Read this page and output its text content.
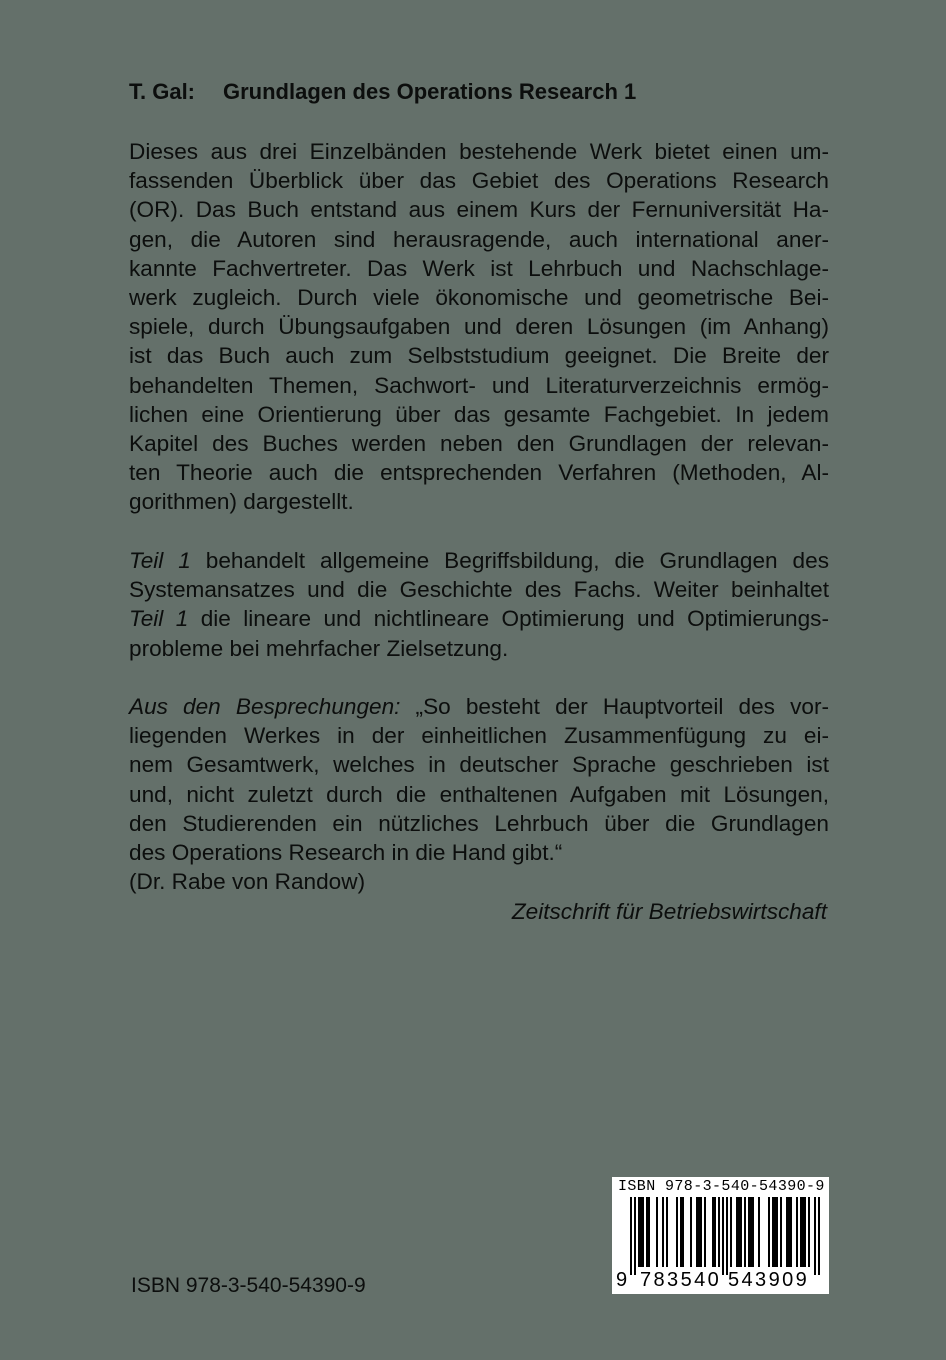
T. Gal: Grundlagen des Operations Research 1
Dieses aus drei Einzelbänden bestehende Werk bietet einen um-
fassenden Überblick über das Gebiet des Operations Research
(OR). Das Buch entstand aus einem Kurs der Fernuniversität Ha-
gen, die Autoren sind herausragende, auch international aner-
kannte Fachvertreter. Das Werk ist Lehrbuch und Nachschlage-
werk zugleich. Durch viele ökonomische und geometrische Bei-
spiele, durch Übungsaufgaben und deren Lösungen (im Anhang)
ist das Buch auch zum Selbststudium geeignet. Die Breite der
behandelten Themen, Sachwort- und Literaturverzeichnis ermög-
lichen eine Orientierung über das gesamte Fachgebiet. In jedem
Kapitel des Buches werden neben den Grundlagen der relevan-
ten Theorie auch die entsprechenden Verfahren (Methoden, Al-
gorithmen) dargestellt.
Teil 1 behandelt allgemeine Begriffsbildung, die Grundlagen des
Systemansatzes und die Geschichte des Fachs. Weiter beinhaltet
Teil 1 die lineare und nichtlineare Optimierung und Optimierungs-
probleme bei mehrfacher Zielsetzung.
Aus den Besprechungen: „So besteht der Hauptvorteil des vor-
liegenden Werkes in der einheitlichen Zusammenfügung zu ei-
nem Gesamtwerk, welches in deutscher Sprache geschrieben ist
und, nicht zuletzt durch die enthaltenen Aufgaben mit Lösungen,
den Studierenden ein nützliches Lehrbuch über die Grundlagen
des Operations Research in die Hand gibt.“
(Dr. Rabe von Randow)
Zeitschrift für Betriebswirtschaft
ISBN 978-3-540-54390-9
ISBN 978-3-540-54390-9
9 783540 543909
